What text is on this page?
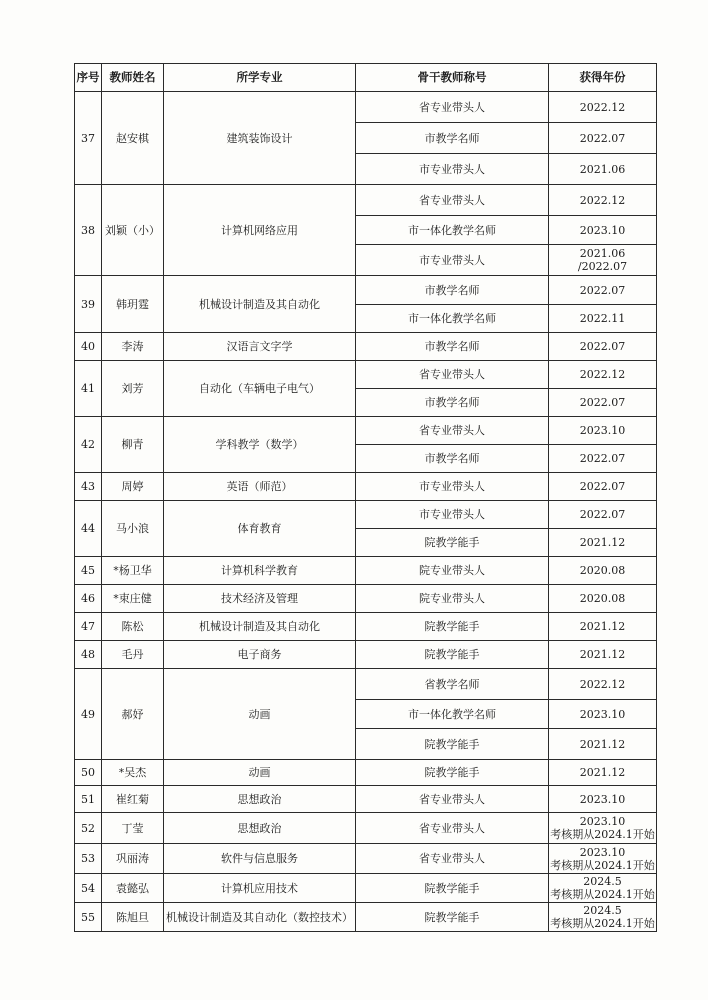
序号	教师姓名	所学专业	骨干教师称号	获得年份
37	赵安棋	建筑装饰设计	省专业带头人	2022.12

			市教学名师	2022.07

			市专业带头人	2021.06

38	刘颖（小）	计算机网络应用	省专业带头人	2022.12

			市一体化教学名师	2023.10

			市专业带头人	2021.06
/2022.07

39	韩玥霆	机械设计制造及其自动化	市教学名师	2022.07

			市一体化教学名师	2022.11

40	李涛	汉语言文字学	市教学名师	2022.07

41	刘芳	自动化（车辆电子电气）	省专业带头人	2022.12

			市教学名师	2022.07

42	柳青	学科教学（数学）	省专业带头人	2023.10

			市教学名师	2022.07

43	周婷	英语（师范）	市专业带头人	2022.07

44	马小浪	体育教育	市专业带头人	2022.07

			院教学能手	2021.12

45	*杨卫华	计算机科学教育	院专业带头人	2020.08

46	*束庄健	技术经济及管理	院专业带头人	2020.08

47	陈松	机械设计制造及其自动化	院教学能手	2021.12

48	毛丹	电子商务	院教学能手	2021.12

49	郝妤	动画	省教学名师	2022.12

			市一体化教学名师	2023.10

			院教学能手	2021.12

50	*吴杰	动画	院教学能手	2021.12

51	崔红菊	思想政治	省专业带头人	2023.10

52	丁莹	思想政治	省专业带头人	2023.10
考核期从2024.1开始

53	巩丽涛	软件与信息服务	省专业带头人	2023.10
考核期从2024.1开始

54	袁懿弘	计算机应用技术	院教学能手	2024.5
考核期从2024.1开始

55	陈旭旦	机械设计制造及其自动化（数控技术）	院教学能手	2024.5
考核期从2024.1开始
